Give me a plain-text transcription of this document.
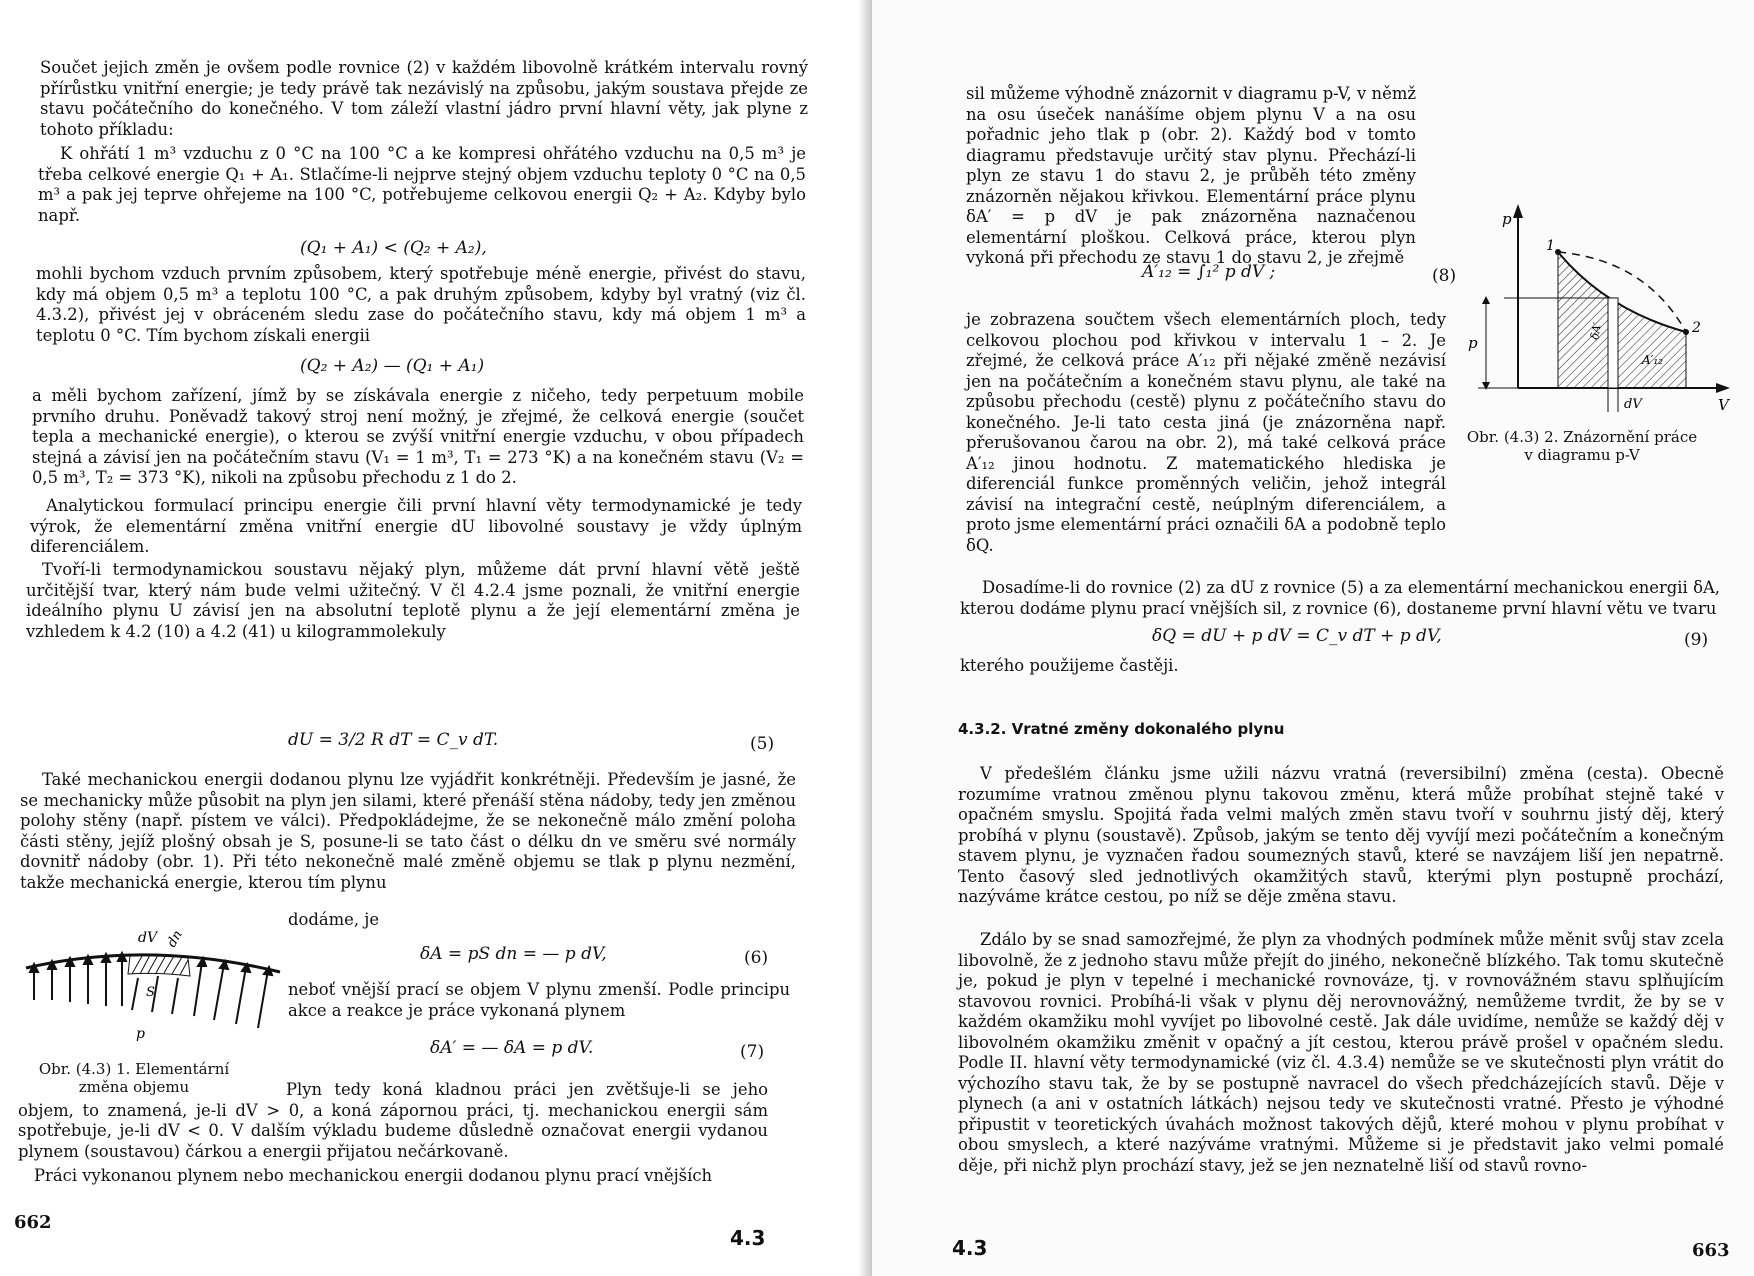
Součet jejich změn je ovšem podle rovnice (2) v každém libovolně krátkém intervalu rovný přírůstku vnitřní energie; je tedy právě tak nezávislý na způsobu, jakým soustava přejde ze stavu počátečního do konečného. V tom záleží vlastní jádro první hlavní věty, jak plyne z tohoto příkladu:

K ohřátí 1 m³ vzduchu z 0 °C na 100 °C a ke kompresi ohřátého vzduchu na 0,5 m³ je třeba celkové energie Q₁ + A₁. Stlačíme-li nejprve stejný objem vzduchu teploty 0 °C na 0,5 m³ a pak jej teprve ohřejeme na 100 °C, potřebujeme celkovou energii Q₂ + A₂. Kdyby bylo např.

(Q₁ + A₁) < (Q₂ + A₂),

mohli bychom vzduch prvním způsobem, který spotřebuje méně energie, přivést do stavu, kdy má objem 0,5 m³ a teplotu 100 °C, a pak druhým způsobem, kdyby byl vratný (viz čl. 4.3.2), přivést jej v obráceném sledu zase do počátečního stavu, kdy má objem 1 m³ a teplotu 0 °C. Tím bychom získali energii

(Q₂ + A₂) — (Q₁ + A₁)

a měli bychom zařízení, jímž by se získávala energie z ničeho, tedy perpetuum mobile prvního druhu. Poněvadž takový stroj není možný, je zřejmé, že celková energie (součet tepla a mechanické energie), o kterou se zvýší vnitřní energie vzduchu, v obou případech stejná a závisí jen na počátečním stavu (V₁ = 1 m³, T₁ = 273 °K) a na konečném stavu (V₂ = 0,5 m³, T₂ = 373 °K), nikoli na způsobu přechodu z 1 do 2.

Analytickou formulací principu energie čili první hlavní věty termodynamické je tedy výrok, že elementární změna vnitřní energie dU libovolné soustavy je vždy úplným diferenciálem.

Tvoří-li termodynamickou soustavu nějaký plyn, můžeme dát první hlavní větě ještě určitější tvar, který nám bude velmi užitečný. V čl 4.2.4 jsme poznali, že vnitřní energie ideálního plynu U závisí jen na absolutní teplotě plynu a že její elementární změna je vzhledem k 4.2 (10) a 4.2 (41) u kilogrammolekuly

dU = 3/2 R dT = C_v dT.	(5)

Také mechanickou energii dodanou plynu lze vyjádřit konkrétněji. Především je jasné, že se mechanicky může působit na plyn jen silami, které přenáší stěna nádoby, tedy jen změnou polohy stěny (např. pístem ve válci). Předpokládejme, že se nekonečně málo změní poloha části stěny, jejíž plošný obsah je S, posune-li se tato část o délku dn ve směru své normály dovnitř nádoby (obr. 1). Při této nekonečně malé změně objemu se tlak p plynu nezmění, takže mechanická energie, kterou tím plynu

dodáme, je

dV dn
S
p
Obr. (4.3) 1. Elementární změna objemu
δA = pS dn = — p dV,	(6)

neboť vnější prací se objem V plynu zmenší. Podle principu akce a reakce je práce vykonaná plynem

δA′ = — δA = p dV.	(7)

Plyn tedy koná kladnou práci jen zvětšuje-li se jeho objem, to znamená, je-li dV > 0, a koná zápornou práci, tj. mechanickou energii sám spotřebuje, je-li dV < 0. V dalším výkladu budeme důsledně označovat energii vydanou plynem (soustavou) čárkou a energii přijatou nečárkovaně.

Práci vykonanou plynem nebo mechanickou energii dodanou plynu prací vnějších

662
4.3

sil můžeme výhodně znázornit v diagramu p-V, v němž na osu úseček nanášíme objem plynu V a na osu pořadnic jeho tlak p (obr. 2). Každý bod v tomto diagramu představuje určitý stav plynu. Přechází-li plyn ze stavu 1 do stavu 2, je průběh této změny znázorněn nějakou křivkou. Elementární práce plynu δA′ = p dV je pak znázorněna naznačenou elementární ploškou. Celková práce, kterou plyn vykoná při přechodu ze stavu 1 do stavu 2, je zřejmě

A′₁₂ = ∫₁² p dV ;	(8)

je zobrazena součtem všech elementárních ploch, tedy celkovou plochou pod křivkou v intervalu 1 – 2. Je zřejmé, že celková práce A′₁₂ při nějaké změně nezávisí jen na počátečním a konečném stavu plynu, ale také na způsobu přechodu (cestě) plynu z počátečního stavu do konečného. Je-li tato cesta jiná (je znázorněna např. přerušovanou čarou na obr. 2), má také celková práce A′₁₂ jinou hodnotu. Z matematického hlediska je diferenciál funkce proměnných veličin, jehož integrál závisí na integrační cestě, neúplným diferenciálem, a proto jsme elementární práci označili δA a podobně teplo δQ.

p
V
1
2
p
δA′
A′₁₂
dV
Obr. (4.3) 2. Znázornění práce v diagramu p-V

Dosadíme-li do rovnice (2) za dU z rovnice (5) a za elementární mechanickou energii δA, kterou dodáme plynu prací vnějších sil, z rovnice (6), dostaneme první hlavní větu ve tvaru

δQ = dU + p dV = C_v dT + p dV,	(9)

kterého použijeme častěji.

4.3.2. Vratné změny dokonalého plynu

V předešlém článku jsme užili názvu vratná (reversibilní) změna (cesta). Obecně rozumíme vratnou změnou plynu takovou změnu, která může probíhat stejně také v opačném smyslu. Spojitá řada velmi malých změn stavu tvoří v souhrnu jistý děj, který probíhá v plynu (soustavě). Způsob, jakým se tento děj vyvíjí mezi počátečním a konečným stavem plynu, je vyznačen řadou soumezných stavů, které se navzájem liší jen nepatrně. Tento časový sled jednotlivých okamžitých stavů, kterými plyn postupně prochází, nazýváme krátce cestou, po níž se děje změna stavu.

Zdálo by se snad samozřejmé, že plyn za vhodných podmínek může měnit svůj stav zcela libovolně, že z jednoho stavu může přejít do jiného, nekonečně blízkého. Tak tomu skutečně je, pokud je plyn v tepelné i mechanické rovnováze, tj. v rovnovážném stavu splňujícím stavovou rovnici. Probíhá-li však v plynu děj nerovnovážný, nemůžeme tvrdit, že by se v každém okamžiku mohl vyvíjet po libovolné cestě. Jak dále uvidíme, nemůže se každý děj v libovolném okamžiku změnit v opačný a jít cestou, kterou právě prošel v opačném sledu. Podle II. hlavní věty termodynamické (viz čl. 4.3.4) nemůže se ve skutečnosti plyn vrátit do výchozího stavu tak, že by se postupně navracel do všech předcházejících stavů. Děje v plynech (a ani v ostatních látkách) nejsou tedy ve skutečnosti vratné. Přesto je výhodné připustit v teoretických úvahách možnost takových dějů, které mohou v plynu probíhat v obou smyslech, a které nazýváme vratnými. Můžeme si je představit jako velmi pomalé děje, při nichž plyn prochází stavy, jež se jen neznatelně liší od stavů rovno-

4.3	663
